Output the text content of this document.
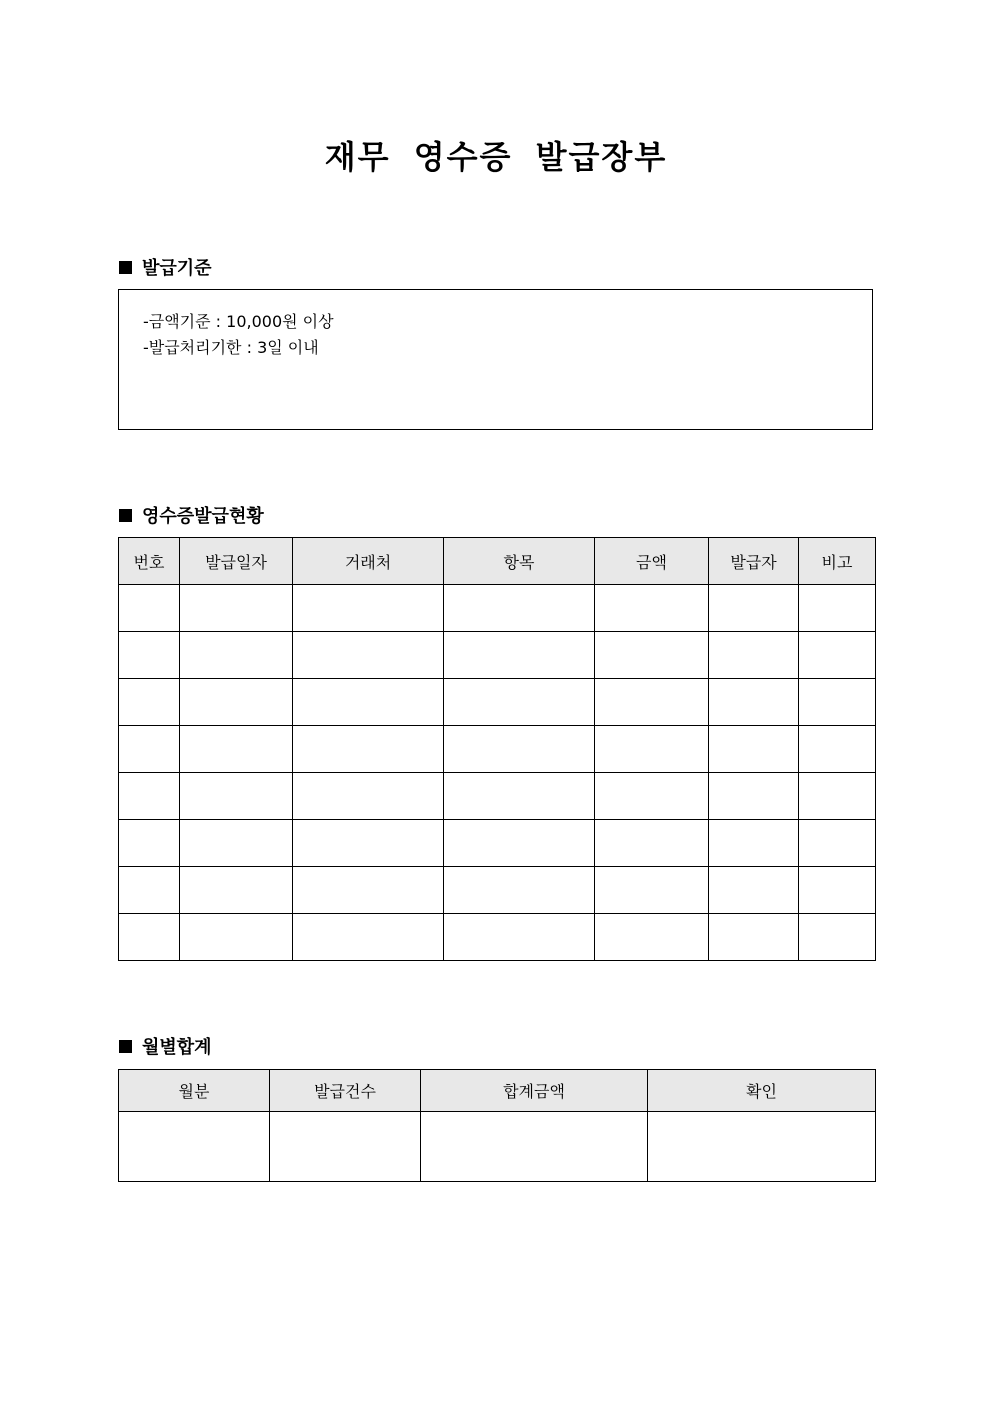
재무 영수증 발급장부
발급기준
-금액기준 : 10,000원 이상
-발급처리기한 : 3일 이내
영수증발급현황
번호	발급일자	거래처	항목	금액	발급자	비고

월별합계
월분	발급건수	합계금액	확인
